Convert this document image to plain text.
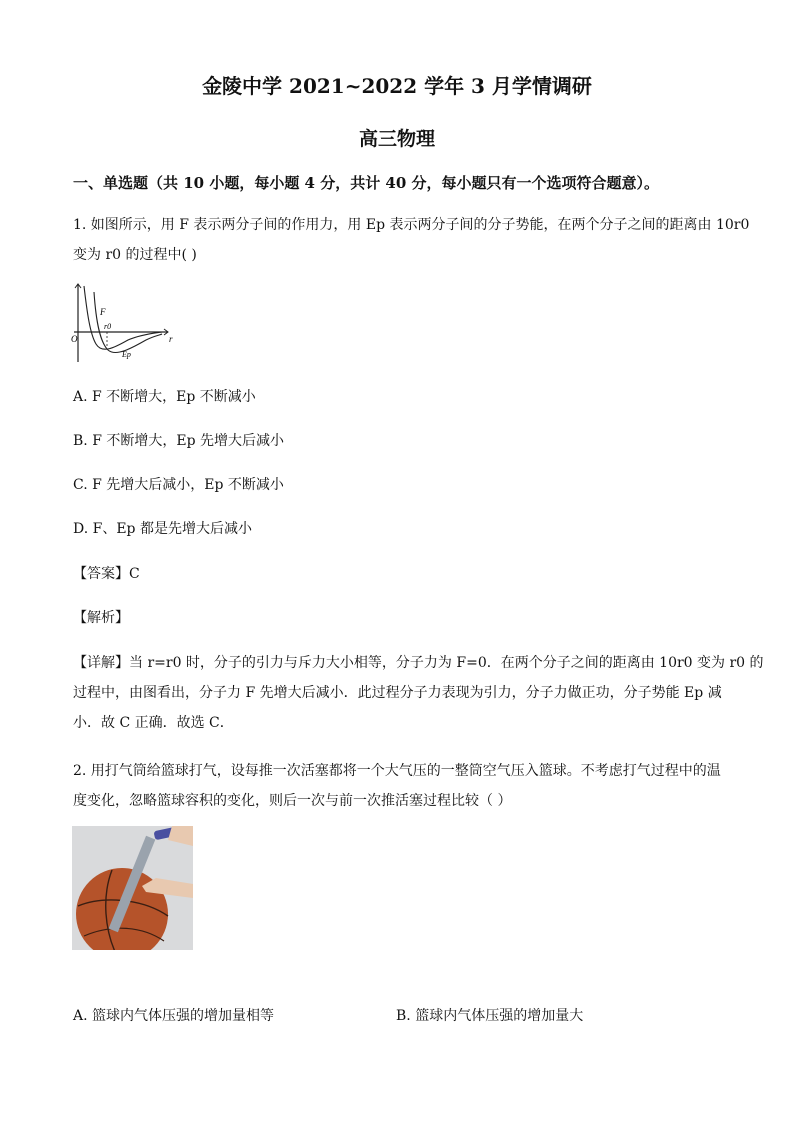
金陵中学 2021~2022 学年 3 月学情调研
高三物理
一、单选题（共 10 小题，每小题 4 分，共计 40 分，每小题只有一个选项符合题意）。
1. 如图所示，用 F 表示两分子间的作用力，用 Ep 表示两分子间的分子势能，在两个分子之间的距离由 10r0
变为 r0 的过程中( )
F
r0
O	r
Ep
A. F 不断增大，Ep 不断减小
B. F 不断增大，Ep 先增大后减小
C. F 先增大后减小，Ep 不断减小
D. F、Ep 都是先增大后减小
【答案】C
【解析】
【详解】当 r=r0 时，分子的引力与斥力大小相等，分子力为 F=0．在两个分子之间的距离由 10r0 变为 r0 的
过程中，由图看出，分子力 F 先增大后减小．此过程分子力表现为引力，分子力做正功，分子势能 Ep 减
小．故 C 正确．故选 C．
2. 用打气筒给篮球打气，设每推一次活塞都将一个大气压的一整筒空气压入篮球。不考虑打气过程中的温
度变化，忽略篮球容积的变化，则后一次与前一次推活塞过程比较（ ）
A. 篮球内气体压强的增加量相等	B. 篮球内气体压强的增加量大
